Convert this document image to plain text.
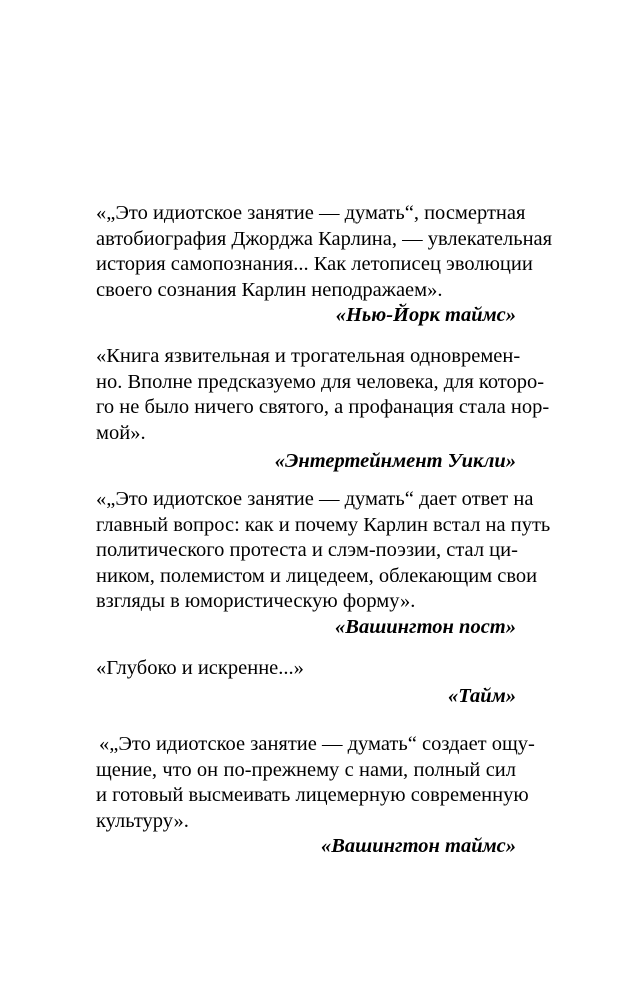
«„Это идиотское занятие — думать“, посмертная
автобиография Джорджа Карлина, — увлекательная
история самопознания... Как летописец эволюции
своего сознания Карлин неподражаем».
«Нью-Йорк таймс»
«Книга язвительная и трогательная одновремен-
но. Вполне предсказуемо для человека, для которо-
го не было ничего святого, а профанация стала нор-
мой».
«Энтертейнмент Уикли»
«„Это идиотское занятие — думать“ дает ответ на
главный вопрос: как и почему Карлин встал на путь
политического протеста и слэм-поэзии, стал ци-
ником, полемистом и лицедеем, облекающим свои
взгляды в юмористическую форму».
«Вашингтон пост»
«Глубоко и искренне...»
«Тайм»
«„Это идиотское занятие — думать“ создает ощу-
щение, что он по-прежнему с нами, полный сил
и готовый высмеивать лицемерную современную
культуру».
«Вашингтон таймс»
